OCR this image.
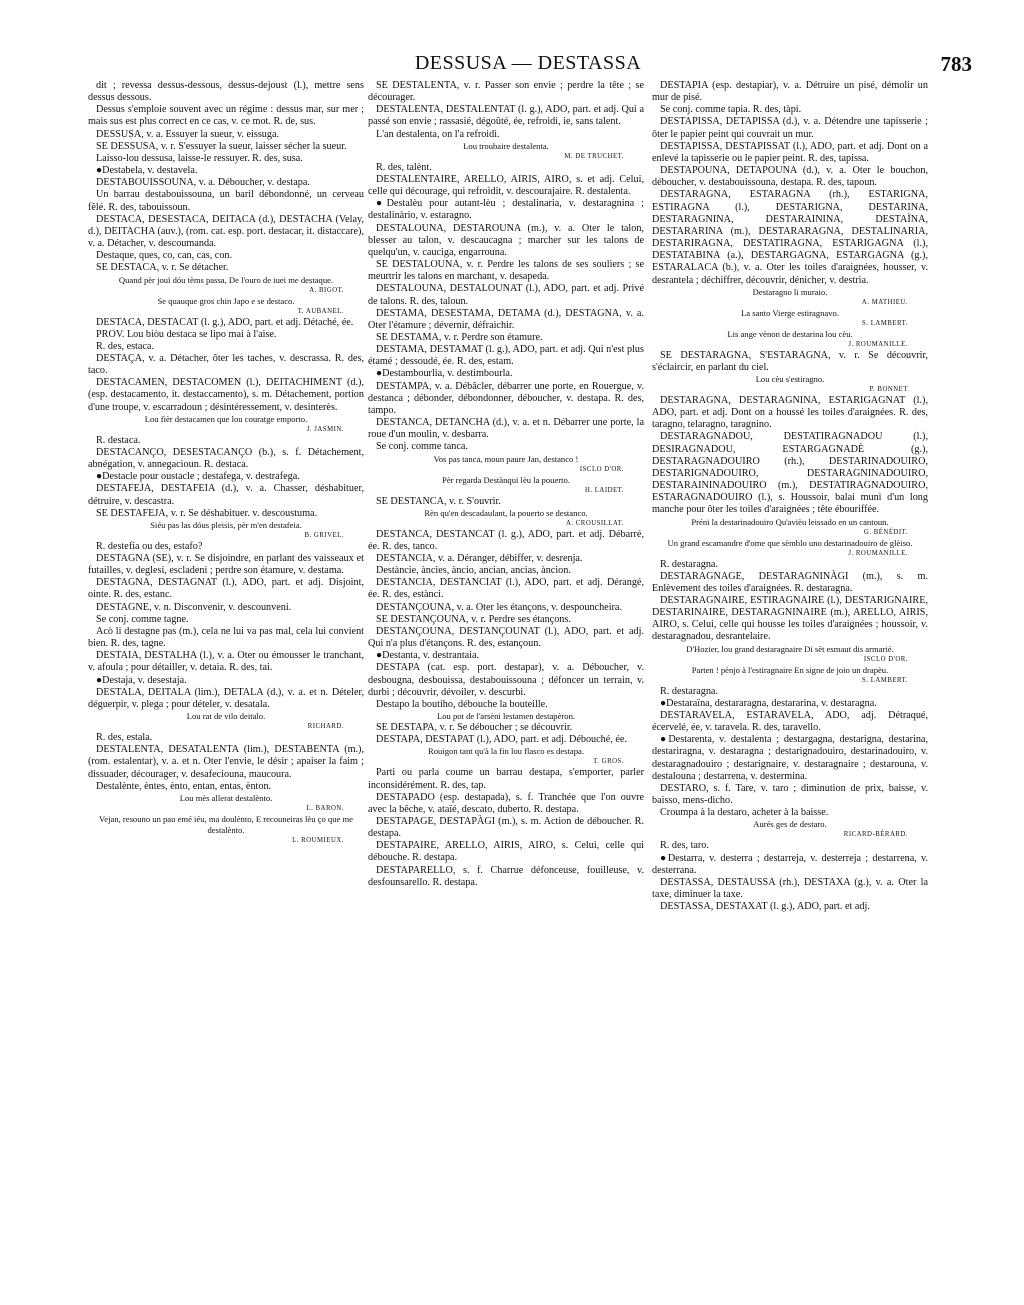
DESSUSA — DESTASSA	783

dit ; revessa dessus-dessous, dessus-dejoust (l.), mettre sens dessus dessous.

Dessus s'emploie souvent avec un régime : dessus mar, sur mer ; mais sus est plus correct en ce cas, v. ce mot. R. de, sus.

DESSUSA, v. a. Essuyer la sueur, v. eissuga.

SE DESSUSA, v. r. S'essuyer la sueur, laisser sécher la sueur.

Laisso-lou dessusa, laisse-le ressuyer. R. des, susa.

●Destabela, v. destavela.

DESTABOUISSOUNA, v. a. Déboucher, v. destapa.

Un barrau destabouissouna, un baril débondonné, un cerveau fêlé. R. des, tabouissoun.

DESTACA, DESESTACA, DEITACA (d.), DESTACHA (Velay, d.), DEITACHA (auv.), (rom. cat. esp. port. destacar, it. distaccare), v. a. Détacher, v. descoumanda.

Destaque, ques, co, can, cas, con.

SE DESTACA, v. r. Se détacher.

Quand pèr jouï dóu tèms passa, De l'ouro de iuei me destaque.

A. BIGOT.

Se quauque gros chin Japo e se destaco.

T. AUBANEL.

DESTACA, DESTACAT (l. g.), ADO, part. et adj. Détaché, ée.

PROV. Lou biòu destaca se lipo mai à l'aise.

R. des, estaca.

DESTAÇA, v. a. Détacher, ôter les taches, v. descrassa. R. des, taco.

DESTACAMEN, DESTACOMEN (l.), DEITACHIMENT (d.), (esp. destacamento, it. destaccamento), s. m. Détachement, portion d'une troupe, v. escarradoun ; désintéressement, v. desinterès.

Lou fièr destacamen que lou couratge emporto.

J. JASMIN.

R. destaca.

DESTACANÇO, DESESTACANÇO (b.), s. f. Détachement, abnégation, v. annegacioun. R. destaca.

●Destacle pour oustacle ; destafega, v. destrafega.

DESTAFEJA, DESTAFEIA (d.), v. a. Chasser, déshabituer, détruire, v. descastra.

SE DESTAFEJA, v. r. Se déshabituer. v. descoustuma.

Siéu pas las dóus pleisis, pèr m'en destafeia.

B. GRIVEL.

R. destefia ou des, estafo?

DESTAGNA (SE), v. r. Se disjoindre, en parlant des vaisseaux et futailles, v. deglesi, escladeni ; perdre son étamure, v. destama.

DESTAGNA, DESTAGNAT (l.), ADO, part. et adj. Disjoint, ointe. R. des, estanc.

DESTAGNE, v. n. Disconvenir, v. descounveni.

Se conj. comme tagne.

Acò li destagne pas (m.), cela ne lui va pas mal, cela lui convient bien. R. des, tagne.

DESTAIA, DESTALHA (l.), v. a. Oter ou émousser le tranchant, v. afoula ; pour détailler, v. detaia. R. des, tai.

●Destaja, v. desestaja.

DESTALA, DEITALA (lim.), DETALA (d.), v. a. et n. Dételer, déguerpir, v. plega ; pour dételer, v. desatala.

Lou rat de vilo deitalo.

RICHARD.

R. des, estala.

DESTALENTA, DESATALENTA (lim.), DESTABENTA (m.), (rom. estalentar), v. a. et n. Oter l'envie, le désir ; apaiser la faim ; dissuader, décourager, v. desafeciouna, maucoura.

Destalènte, èntes, ènto, entan, entas, ènton.

Lou mès allerat destalènto.

L. BARON.

Vejan, resouno un pau emé iéu, ma doulènto, E recouneiras lèu ço que me destalènto.

L. ROUMIEUX.

SE DESTALENTA, v. r. Passer son envie ; perdre la tête ; se décourager.

DESTALENTA, DESTALENTAT (l. g.), ADO, part. et adj. Qui a passé son envie ; rassasié, dégoûté, ée, refroidi, ie, sans talent.

L'an destalenta, on l'a refroidi.

Lou troubaire destalenta.

M. DE TRUCHET.

R. des, talènt.

DESTALENTAIRE, ARELLO, AIRIS, AIRO, s. et adj. Celui, celle qui décourage, qui refroidit, v. descourajaire. R. destalenta.

●Destalèu pour autant-lèu ; destalinaria, v. destaragnina ; destalinàrio, v. estaragno.

DESTALOUNA, DESTAROUNA (m.), v. a. Oter le talon, blesser au talon, v. descaucagna ; marcher sur les talons de quelqu'un, v. cauciga, engarrouna.

SE DESTALOUNA, v. r. Perdre les talons de ses souliers ; se meurtrir les talons en marchant, v. desapeda.

DESTALOUNA, DESTALOUNAT (l.), ADO, part. et adj. Privé de talons. R. des, taloun.

DESTAMA, DESESTAMA, DETAMA (d.), DESTAGNA, v. a. Oter l'étamure ; dévernir, défraichir.

SE DESTAMA, v. r. Perdre son étamure.

DESTAMA, DESTAMAT (l. g.), ADO, part. et adj. Qui n'est plus étamé ; dessoudé, ée. R. des, estam.

●Destambourlia, v. destimbourla.

DESTAMPA, v. a. Débâcler, débarrer une porte, en Rouergue, v. destanca ; débonder, débondonner, déboucher, v. destapa. R. des, tampo.

DESTANCA, DETANCHA (d.), v. a. et n. Débarrer une porte, la roue d'un moulin, v. desbarra.

Se conj. comme tanca.

Vos pas tanca, moun paure Jan, destanco !

ISCLO D'OR.

Pèr regarda Destànqui lèu la pouerto.

H. LAIDET.

SE DESTANCA, v. r. S'ouvrir.

Rèn qu'en descadaulant, la pouerto se destanco.

A. CROUSILLAT.

DESTANCA, DESTANCAT (l. g.), ADO, part. et adj. Débarré, ée. R. des, tanco.

DESTANCIA, v. a. Déranger, débiffer, v. desrenja.

Destàncie, àncies, àncio, ancian, ancias, àncion.

DESTANCIA, DESTANCIAT (l.), ADO, part. et adj. Dérangé, ée. R. des, estànci.

DESTANÇOUNA, v. a. Oter les étançons, v. despouncheira.

SE DESTANÇOUNA, v. r. Perdre ses étançons.

DESTANÇOUNA, DESTANÇOUNAT (l.), ADO, part. et adj. Qui n'a plus d'étançons. R. des, estançoun.

●Destanta, v. destrantaia.

DESTAPA (cat. esp. port. destapar), v. a. Déboucher, v. desbougna, desbouissa, destabouissouna ; défoncer un terrain, v. durbi ; découvrir, dévoiler, v. descurbi.

Destapo la boutiho, débouche la bouteille.

Lou pot de l'arsèni lestamen destapèron.

SE DESTAPA, v. r. Se déboucher ; se découvrir.

DESTAPA, DESTAPAT (l.), ADO, part. et adj. Débouché, ée.

Rouigon tant qu'à la fin lou flasco es destapa.

T. GROS.

Parti ou parla coume un barrau destapa, s'emporter, parler inconsidérément. R. des, tap.

DESTAPADO (esp. destapada), s. f. Tranchée que l'on ouvre avec la bêche, v. ataïé, descato, duberto. R. destapa.

DESTAPAGE, DESTAPÀGI (m.), s. m. Action de déboucher. R. destapa.

DESTAPAIRE, ARELLO, AIRIS, AIRO, s. Celui, celle qui débouche. R. destapa.

DESTAPARELLO, s. f. Charrue défonceuse, fouilleuse, v. desfounsarello. R. destapa.

DESTAPIA (esp. destapiar), v. a. Détruire un pisé, démolir un mur de pisé.

Se conj. comme tapia. R. des, tàpi.

DESTAPISSA, DETAPISSA (d.), v. a. Détendre une tapisserie ; ôter le papier peint qui couvrait un mur.

DESTAPISSA, DESTAPISSAT (l.), ADO, part. et adj. Dont on a enlevé la tapisserie ou le papier peint. R. des, tapissa.

DESTAPOUNA, DETAPOUNA (d.), v. a. Oter le bouchon, déboucher, v. destabouissouna, destapa. R. des, tapoun.

DESTARAGNA, ESTARAGNA (rh.), ESTARIGNA, ESTIRAGNA (l.), DESTARIGNA, DESTARINA, DESTARAGNINA, DESTARAININA, DESTAÏNA, DESTARARINA (m.), DESTARARAGNA, DESTALINARIA, DESTARIRAGNA, DESTATIRAGNA, ESTARIGAGNA (l.), DESTATABINA (a.), DESTARGAGNA, ESTARGAGNA (g.), ESTARALACA (b.), v. a. Oter les toiles d'araignées, housser, v. desrantela ; déchiffrer, découvrir, dénicher, v. destria.

Destaragno li muraio.

A. MATHIEU.

La santo Vierge estiragnavo.

S. LAMBERT.

Lis ange vènon de destarina lou cèu.

J. ROUMANILLE.

SE DESTARAGNA, S'ESTARAGNA, v. r. Se découvrir, s'éclaircir, en parlant du ciel.

Lou cèu s'estiragno.

P. BONNET

DESTARAGNA, DESTARAGNINA, ESTARIGAGNAT (l.), ADO, part. et adj. Dont on a houssé les toiles d'araignées. R. des, taragno, telaragno, taragnino.

DESTARAGNADOU, DESTATIRAGNADOU (l.), DESIRAGNADOU, ESTARGAGNADÈ (g.), DESTARAGNADOUIRO (rh.), DESTARINADOUIRO, DESTARIGNADOUIRO, DESTARAGNINADOUIRO, DESTARAININADOUIRO (m.), DESTATIRAGNADOUIRO, ESTARAGNADOUIRO (l.), s. Houssoir, balai muni d'un long manche pour ôter les toiles d'araignées ; tête ébouriffée.

Préni la destarinadouiro Qu'avièu leissado en un cantoun.

G. BÉNÉDIT.

Un grand escamandre d'ome que sèmblo uno destarinadouiro de glèiso.

J. ROUMANILLE.

R. destaragna.

DESTARAGNAGE, DESTARAGNINÀGI (m.), s. m. Enlèvement des toiles d'araignées. R. destaragna.

DESTARAGNAIRE, ESTIRAGNAIRE (l.), DESTARIGNAIRE, DESTARINAIRE, DESTARAGNINAIRE (m.), ARELLO, AIRIS, AIRO, s. Celui, celle qui housse les toiles d'araignées ; houssoir, v. destaragnadou, desrantelaire.

D'Hozier, lou grand destaragnaire Di sèt esmaut dis armarié.

ISCLO D'OR.

Parten ! pènjo à l'estiragnaire En signe de joio un drapèu.

S. LAMBERT.

R. destaragna.

●Destaraïna, destararagna, destararina, v. destaragna.

DESTARAVELA, ESTARAVELA, ADO, adj. Détraqué, écervelé, ée, v. taravela. R. des, taravello.

●Destarenta, v. destalenta ; destargagna, destarigna, destarina, destariragna, v. destaragna ; destarignadouiro, destarinadouiro, v. destaragnadouiro ; destarignaire, v. destaragnaire ; destarouna, v. destalouna ; destarrena, v. destermina.

DESTARO, s. f. Tare, v. taro ; diminution de prix, baisse, v. baisso, mens-dicho.

Croumpa à la destaro, acheter à la baisse.

Aurés ges de destaro.

RICARD-BÉRARD.

R. des, taro.

●Destarra, v. desterra ; destarreja, v. desterreja ; destarrena, v. desterrana.

DESTASSA, DESTAUSSA (rh.), DESTAXA (g.), v. a. Oter la taxe, diminuer la taxe.

DESTASSA, DESTAXAT (l. g.), ADO, part. et adj.
